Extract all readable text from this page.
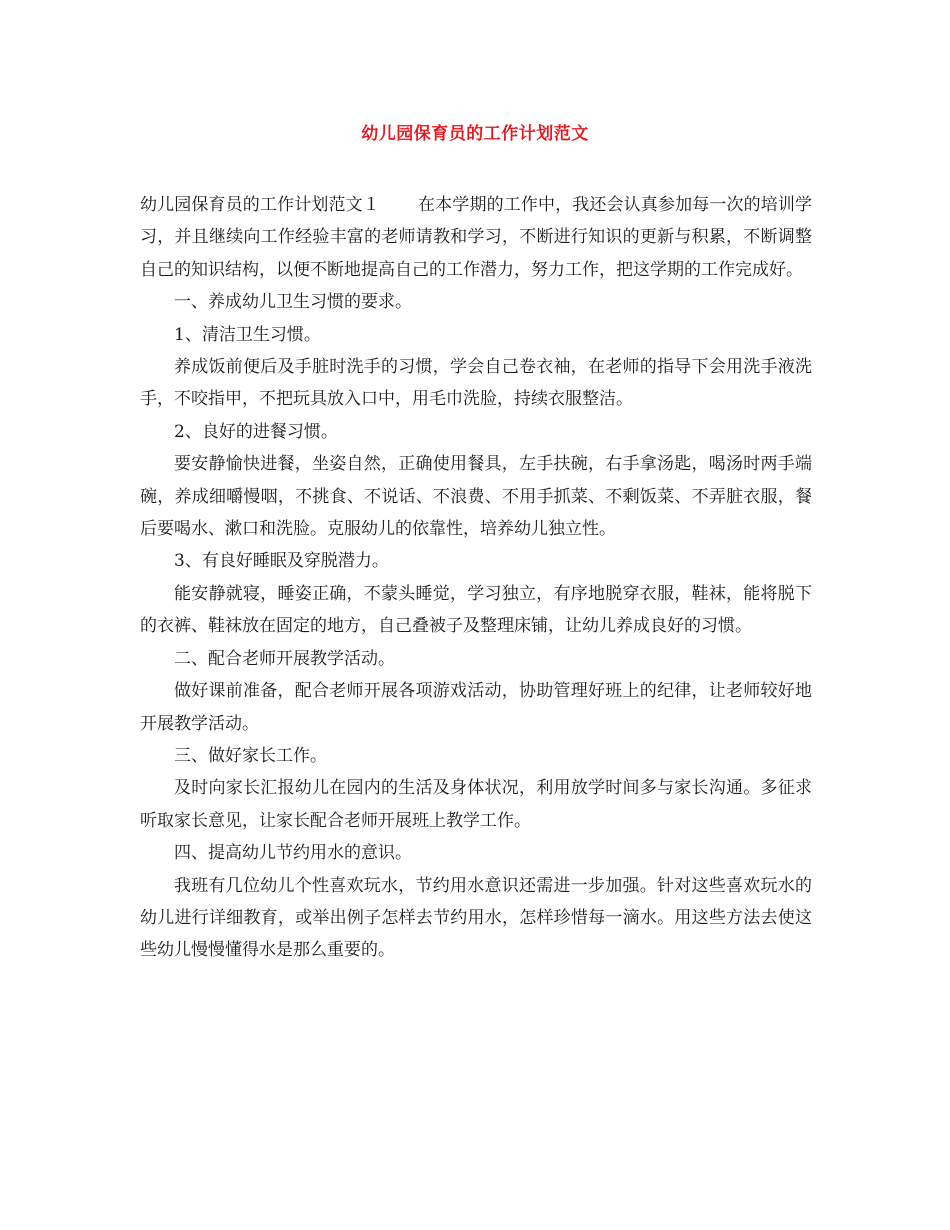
幼儿园保育员的工作计划范文

幼儿园保育员的工作计划范文１ 在本学期的工作中，我还会认真参加每一次的培训学习，并且继续向工作经验丰富的老师请教和学习，不断进行知识的更新与积累，不断调整自己的知识结构，以便不断地提高自己的工作潜力，努力工作，把这学期的工作完成好。

一、养成幼儿卫生习惯的要求。

1、清洁卫生习惯。

养成饭前便后及手脏时洗手的习惯，学会自己卷衣袖，在老师的指导下会用洗手液洗手，不咬指甲，不把玩具放入口中，用毛巾洗脸，持续衣服整洁。

2、良好的进餐习惯。

要安静愉快进餐，坐姿自然，正确使用餐具，左手扶碗，右手拿汤匙，喝汤时两手端碗，养成细嚼慢咽，不挑食、不说话、不浪费、不用手抓菜、不剩饭菜、不弄脏衣服，餐后要喝水、漱口和洗脸。克服幼儿的依靠性，培养幼儿独立性。

3、有良好睡眠及穿脱潜力。

能安静就寝，睡姿正确，不蒙头睡觉，学习独立，有序地脱穿衣服，鞋袜，能将脱下的衣裤、鞋袜放在固定的地方，自己叠被子及整理床铺，让幼儿养成良好的习惯。

二、配合老师开展教学活动。

做好课前准备，配合老师开展各项游戏活动，协助管理好班上的纪律，让老师较好地开展教学活动。

三、做好家长工作。

及时向家长汇报幼儿在园内的生活及身体状况，利用放学时间多与家长沟通。多征求听取家长意见，让家长配合老师开展班上教学工作。

四、提高幼儿节约用水的意识。

我班有几位幼儿个性喜欢玩水，节约用水意识还需进一步加强。针对这些喜欢玩水的幼儿进行详细教育，或举出例子怎样去节约用水，怎样珍惜每一滴水。用这些方法去使这些幼儿慢慢懂得水是那么重要的。
